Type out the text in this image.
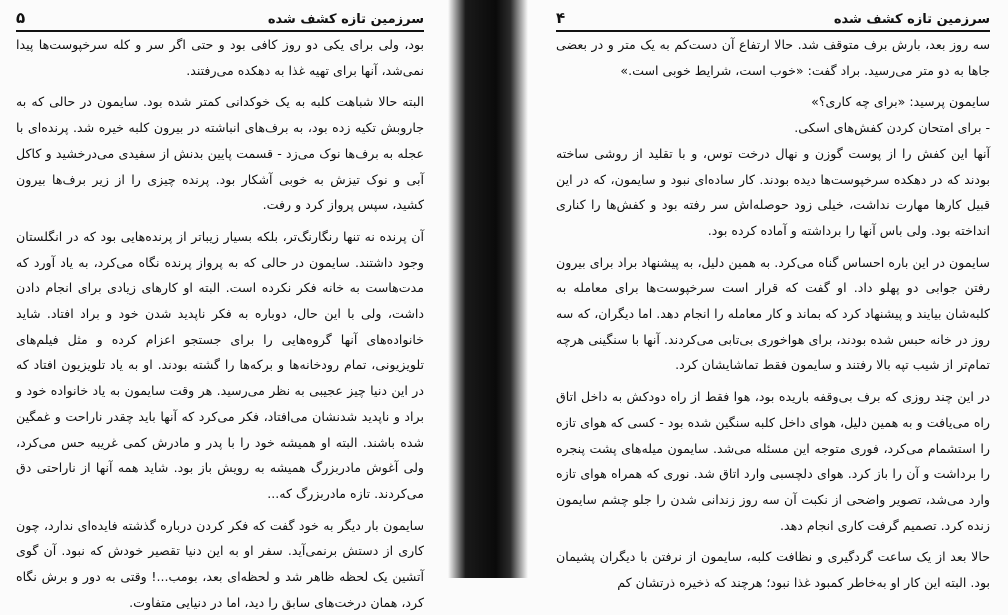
سرزمین تازه کشف شده
۵

بود، ولی برای یکی دو روز کافی بود و حتی اگر سر و کله سرخپوست‌ها پیدا نمی‌شد، آنها برای تهیه غذا به دهکده می‌رفتند.

البته حالا شباهت کلبه به یک خوکدانی کمتر شده بود. سایمون در حالی که به جاروبش تکیه زده بود، به برف‌های انباشته در بیرون کلبه خیره شد. پرنده‌ای با عجله به برف‌ها نوک می‌زد - قسمت پایین بدنش از سفیدی می‌درخشید و کاکل آبی و نوک تیزش به خوبی آشکار بود. پرنده چیزی را از زیر برف‌ها بیرون کشید، سپس پرواز کرد و رفت.

آن پرنده نه تنها رنگارنگ‌تر، بلکه بسیار زیباتر از پرنده‌هایی بود که در انگلستان وجود داشتند. سایمون در حالی که به پرواز پرنده نگاه می‌کرد، به یاد آورد که مدت‌هاست به خانه فکر نکرده است. البته او کارهای زیادی برای انجام دادن داشت، ولی با این حال، دوباره به فکر ناپدید شدن خود و براد افتاد. شاید خانواده‌های آنها گروه‌هایی را برای جستجو اعزام کرده و مثل فیلم‌های تلویزیونی، تمام رودخانه‌ها و برکه‌ها را گشته بودند. او به یاد تلویزیون افتاد که در این دنیا چیز عجیبی به نظر می‌رسید. هر وقت سایمون به یاد خانواده خود و براد و ناپدید شدنشان می‌افتاد، فکر می‌کرد که آنها باید چقدر ناراحت و غمگین شده باشند. البته او همیشه خود را با پدر و مادرش کمی غریبه حس می‌کرد، ولی آغوش مادربزرگ همیشه به رویش باز بود. شاید همه آنها از ناراحتی دق می‌کردند. تازه مادربزرگ که...

سایمون بار دیگر به خود گفت که فکر کردن درباره گذشته فایده‌ای ندارد، چون کاری از دستش برنمی‌آید. سفر او به این دنیا تقصیر خودش که نبود. آن گوی آتشین یک لحظه ظاهر شد و لحظه‌ای بعد، بومب...! وقتی به دور و برش نگاه کرد، همان درخت‌های سابق را دید، اما در دنیایی متفاوت.

سرزمین تازه کشف شده
۴

سه روز بعد، بارش برف متوقف شد. حالا ارتفاع آن دست‌کم به یک متر و در بعضی جاها به دو متر می‌رسید. براد گفت: «خوب است، شرایط خوبی است.»

سایمون پرسید: «برای چه کاری؟»

- برای امتحان کردن کفش‌های اسکی.

آنها این کفش را از پوست گوزن و نهال درخت توس، و با تقلید از روشی ساخته بودند که در دهکده سرخپوست‌ها دیده بودند. کار ساده‌ای نبود و سایمون، که در این قبیل کارها مهارت نداشت، خیلی زود حوصله‌اش سر رفته بود و کفش‌ها را کناری انداخته بود. ولی باس آنها را برداشته و آماده کرده بود.

سایمون در این باره احساس گناه می‌کرد. به همین دلیل، به پیشنهاد براد برای بیرون رفتن جوابی دو پهلو داد. او گفت که قرار است سرخپوست‌ها برای معامله به کلبه‌شان بیایند و پیشنهاد کرد که بماند و کار معامله را انجام دهد. اما دیگران، که سه روز در خانه حبس شده بودند، برای هواخوری بی‌تابی می‌کردند. آنها با سنگینی هرچه تمام‌تر از شیب تپه بالا رفتند و سایمون فقط تماشایشان کرد.

در این چند روزی که برف بی‌وقفه باریده بود، هوا فقط از راه دودکش به داخل اتاق راه می‌یافت و به همین دلیل، هوای داخل کلبه سنگین شده بود - کسی که هوای تازه را استشمام می‌کرد، فوری متوجه این مسئله می‌شد. سایمون میله‌های پشت پنجره را برداشت و آن را باز کرد. هوای دلچسبی وارد اتاق شد. نوری که همراه هوای تازه وارد می‌شد، تصویر واضحی از نکبت آن سه روز زندانی شدن را جلو چشم سایمون زنده کرد. تصمیم گرفت کاری انجام دهد.

حالا بعد از یک ساعت گردگیری و نظافت کلبه، سایمون از نرفتن با دیگران پشیمان بود. البته این کار او به‌خاطر کمبود غذا نبود؛ هرچند که ذخیره ذرتشان کم
